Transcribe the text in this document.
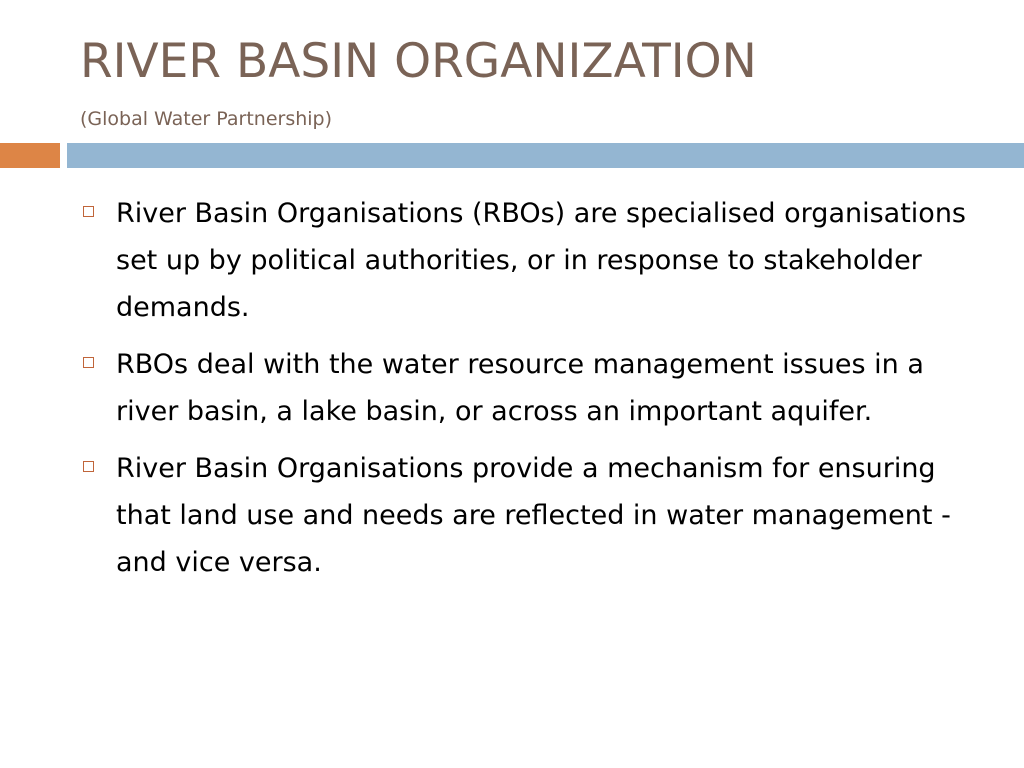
RIVER BASIN ORGANIZATION

(Global Water Partnership)

River Basin Organisations (RBOs) are specialised organisations set up by political authorities, or in response to stakeholder demands.
RBOs deal with the water resource management issues in a river basin, a lake basin, or across an important aquifer.
River Basin Organisations provide a mechanism for ensuring that land use and needs are reflected in water management - and vice versa.
